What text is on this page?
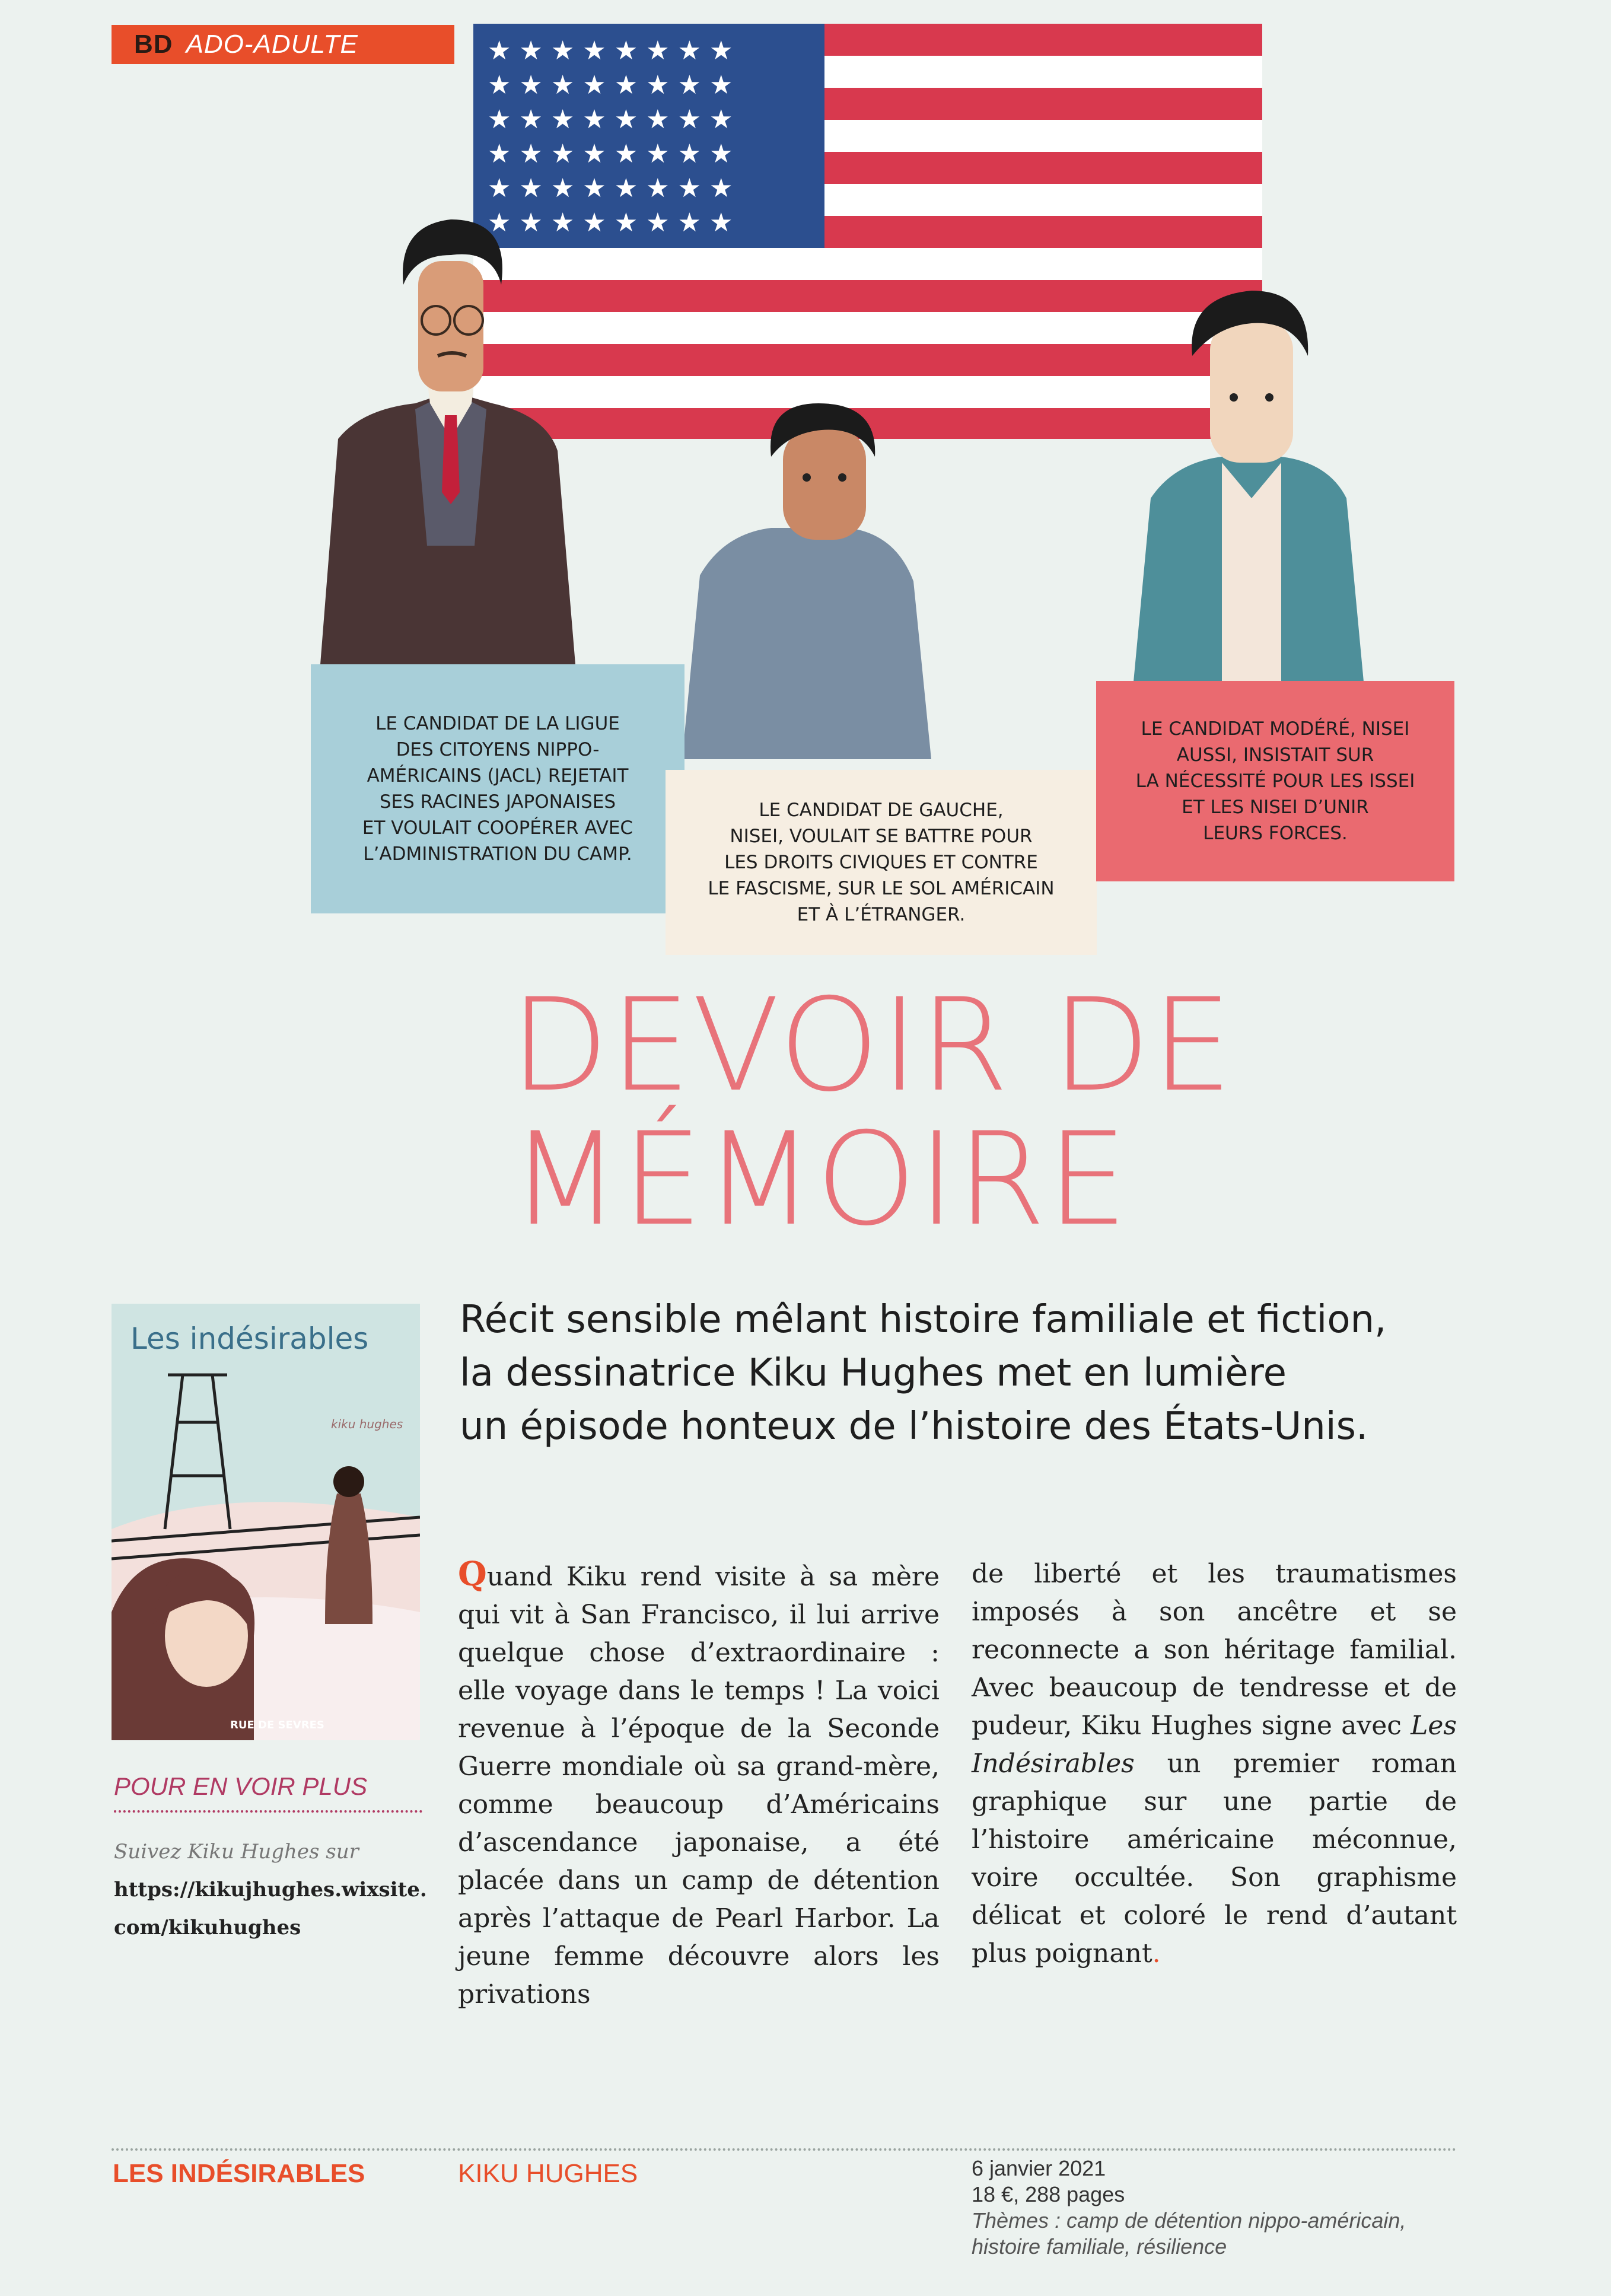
BD ADO-ADULTE	★ ★ ★ ★ ★ ★ ★ ★
★ ★ ★ ★ ★ ★ ★ ★
★ ★ ★ ★ ★ ★ ★ ★
★ ★ ★ ★ ★ ★ ★ ★
★ ★ ★ ★ ★ ★ ★ ★
★ ★ ★ ★ ★ ★ ★ ★
LE CANDIDAT DE LA LIGUE
DES CITOYENS NIPPO-
AMÉRICAINS (JACL) REJETAIT
SES RACINES JAPONAISES
ET VOULAIT COOPÉRER AVEC
L’ADMINISTRATION DU CAMP.
LE CANDIDAT DE GAUCHE,
NISEI, VOULAIT SE BATTRE POUR
LES DROITS CIVIQUES ET CONTRE
LE FASCISME, SUR LE SOL AMÉRICAIN
ET À L’ÉTRANGER.
LE CANDIDAT MODÉRÉ, NISEI
AUSSI, INSISTAIT SUR
LA NÉCESSITÉ POUR LES ISSEI
ET LES NISEI D’UNIR
LEURS FORCES.
DEVOIR DE
MÉMOIRE
Les indésirables
kiku hughes
RUE DE SEVRES
POUR EN VOIR PLUS
Suivez Kiku Hughes sur
https://kikujhughes.wixsite.
com/kikuhughes
Récit sensible mêlant histoire familiale et fiction,
la dessinatrice Kiku Hughes met en lumière
un épisode honteux de l’histoire des États-Unis.
Quand Kiku rend visite à sa mère qui vit à San Francisco, il lui arrive quelque chose d’extraordinaire : elle voyage dans le temps ! La voici revenue à l’époque de la Seconde Guerre mondiale où sa grand-mère, comme beaucoup d’Américains d’ascendance japonaise, a été placée dans un camp de détention après l’attaque de Pearl Harbor. La jeune femme découvre alors les privations
de liberté et les traumatismes imposés à son ancêtre et se reconnecte a son héritage familial. Avec beaucoup de tendresse et de pudeur, Kiku Hughes signe avec Les Indésirables un premier roman graphique sur une partie de l’histoire américaine méconnue, voire occultée. Son graphisme délicat et coloré le rend d’autant plus poignant.
LES INDÉSIRABLES	KIKU HUGHES	6 janvier 2021
18 €, 288 pages
Thèmes : camp de détention nippo-américain,
histoire familiale, résilience
